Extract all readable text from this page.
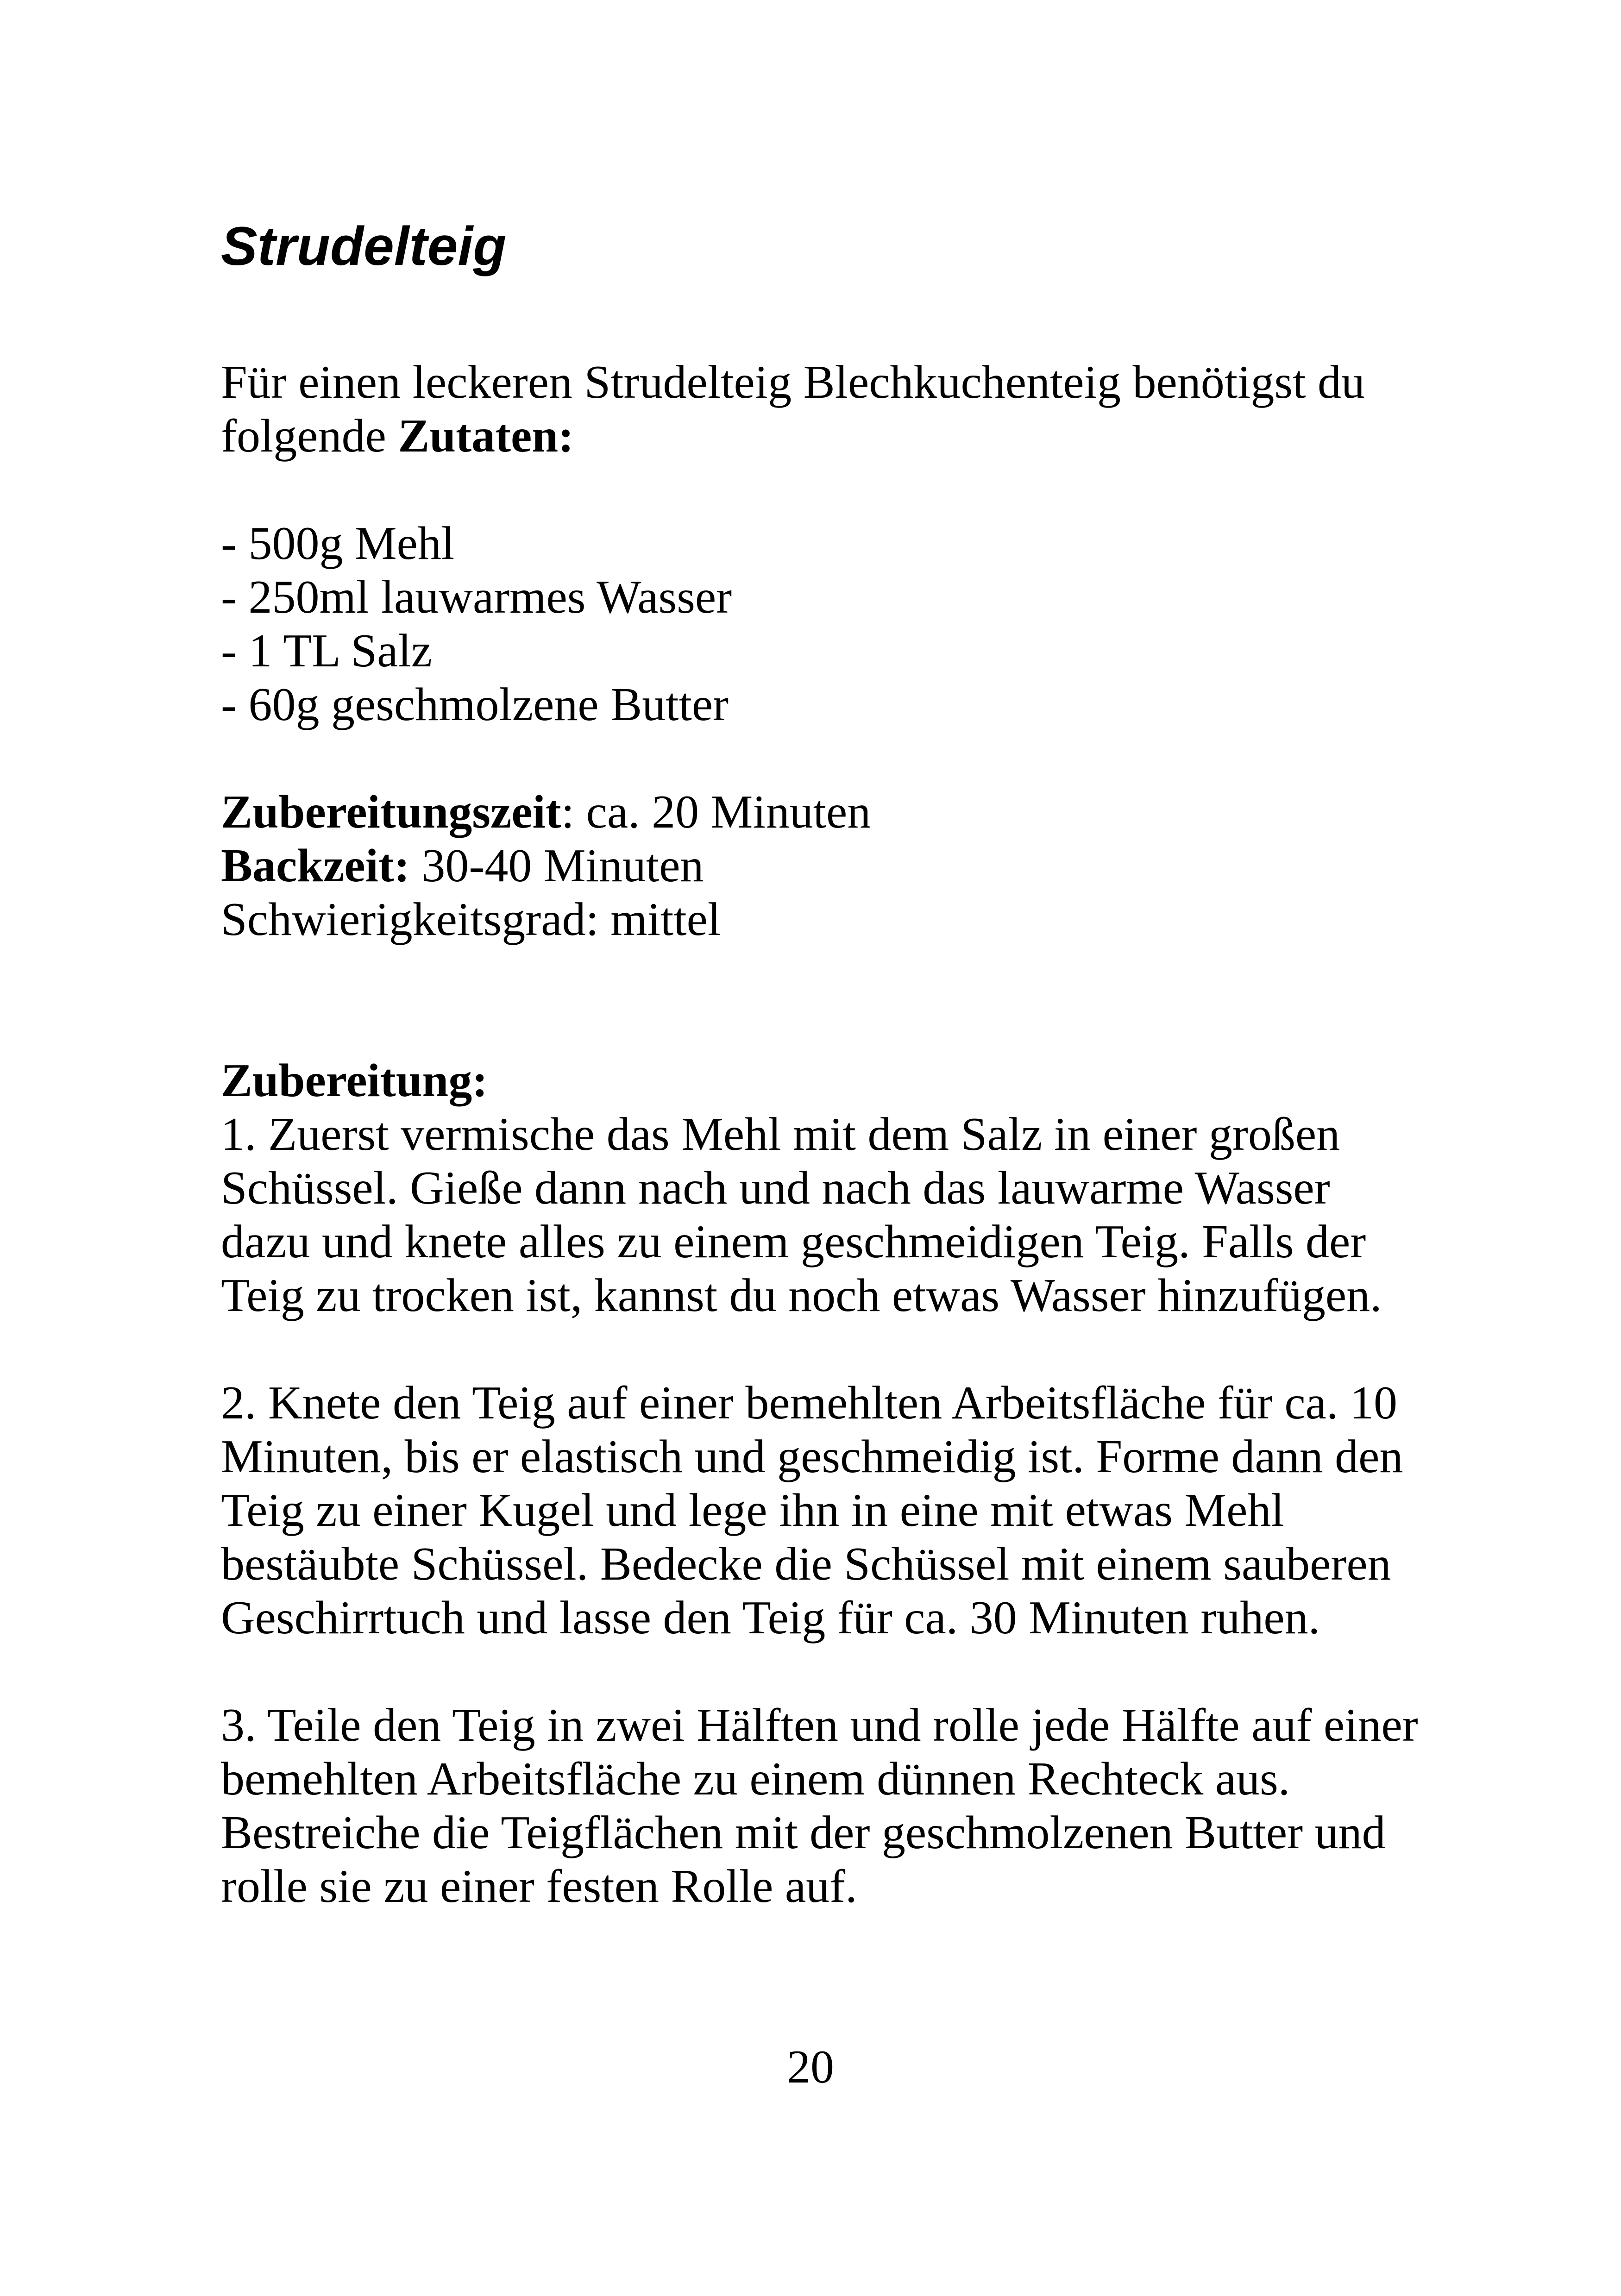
Strudelteig

Für einen leckeren Strudelteig Blechkuchenteig benötigst du

folgende Zutaten:

- 500g Mehl

- 250ml lauwarmes Wasser

- 1 TL Salz

- 60g geschmolzene Butter

Zubereitungszeit: ca. 20 Minuten

Backzeit: 30-40 Minuten

Schwierigkeitsgrad: mittel

Zubereitung:

1. Zuerst vermische das Mehl mit dem Salz in einer großen

Schüssel. Gieße dann nach und nach das lauwarme Wasser

dazu und knete alles zu einem geschmeidigen Teig. Falls der

Teig zu trocken ist, kannst du noch etwas Wasser hinzufügen.

2. Knete den Teig auf einer bemehlten Arbeitsfläche für ca. 10

Minuten, bis er elastisch und geschmeidig ist. Forme dann den

Teig zu einer Kugel und lege ihn in eine mit etwas Mehl

bestäubte Schüssel. Bedecke die Schüssel mit einem sauberen

Geschirrtuch und lasse den Teig für ca. 30 Minuten ruhen.

3. Teile den Teig in zwei Hälften und rolle jede Hälfte auf einer

bemehlten Arbeitsfläche zu einem dünnen Rechteck aus.

Bestreiche die Teigflächen mit der geschmolzenen Butter und

rolle sie zu einer festen Rolle auf.

20
